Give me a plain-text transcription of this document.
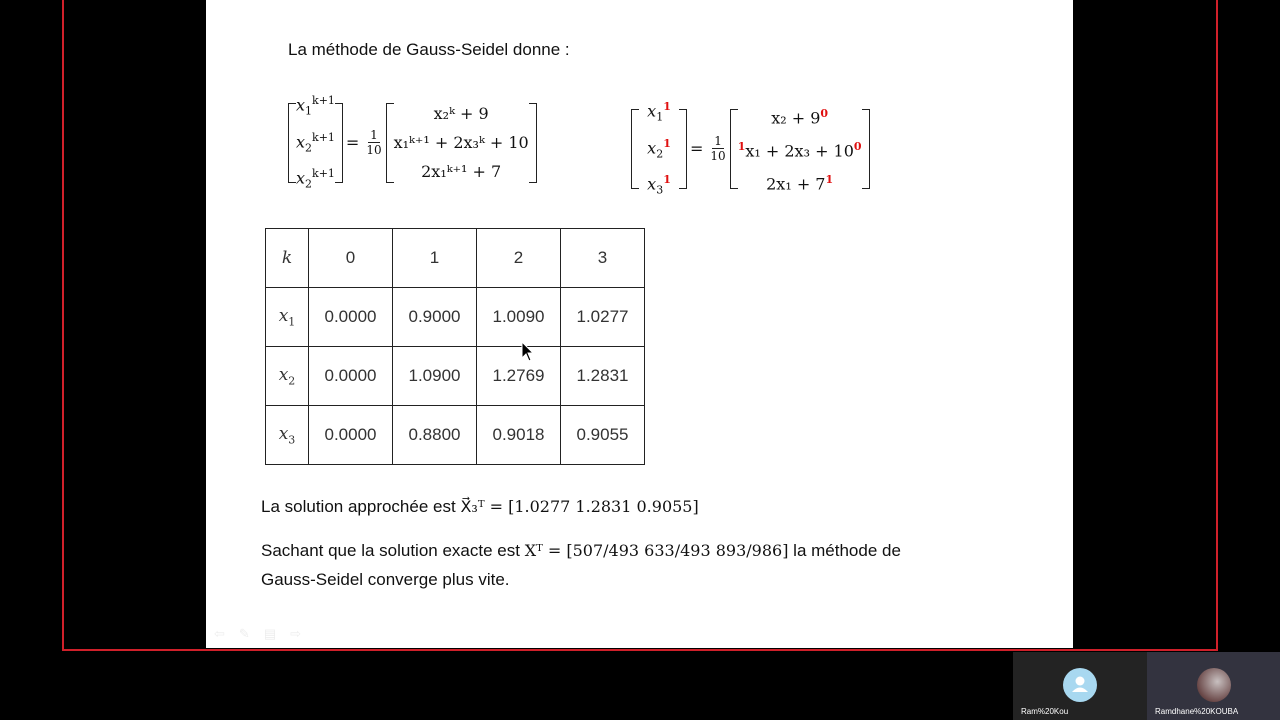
La méthode de Gauss-Seidel donne :
$x_1^{k+1}$
$x_2^{k+1}$
$x_2^{k+1}$
= $\frac{1}{10}$
x₂ᵏ + 9
x₁ᵏ⁺¹ + 2x₃ᵏ + 10
2x₁ᵏ⁺¹ + 7
$x_1^1$
$x_2^1$
$x_3^1$
= $\frac{1}{10}$
$x_2 + 9^0$
$^1x_1 + 2x_3 + 10^0$
$2x_1 + 7^1$
k	0	1	2	3
$x_1$	0.0000	0.9000	1.0090	1.0277
$x_2$	0.0000	1.0900	1.2769	1.2831
$x_3$	0.0000	0.8800	0.9018	0.9055
La solution approchée est X⃗₃ᵀ = [1.0277 1.2831 0.9055]
Sachant que la solution exacte est Xᵀ = [507/493 633/493 893/986] la méthode de
Gauss-Seidel converge plus vite.
⇦ ✎ ▤ ⇨
Ram%20Kou	Ramdhane%20KOUBA
